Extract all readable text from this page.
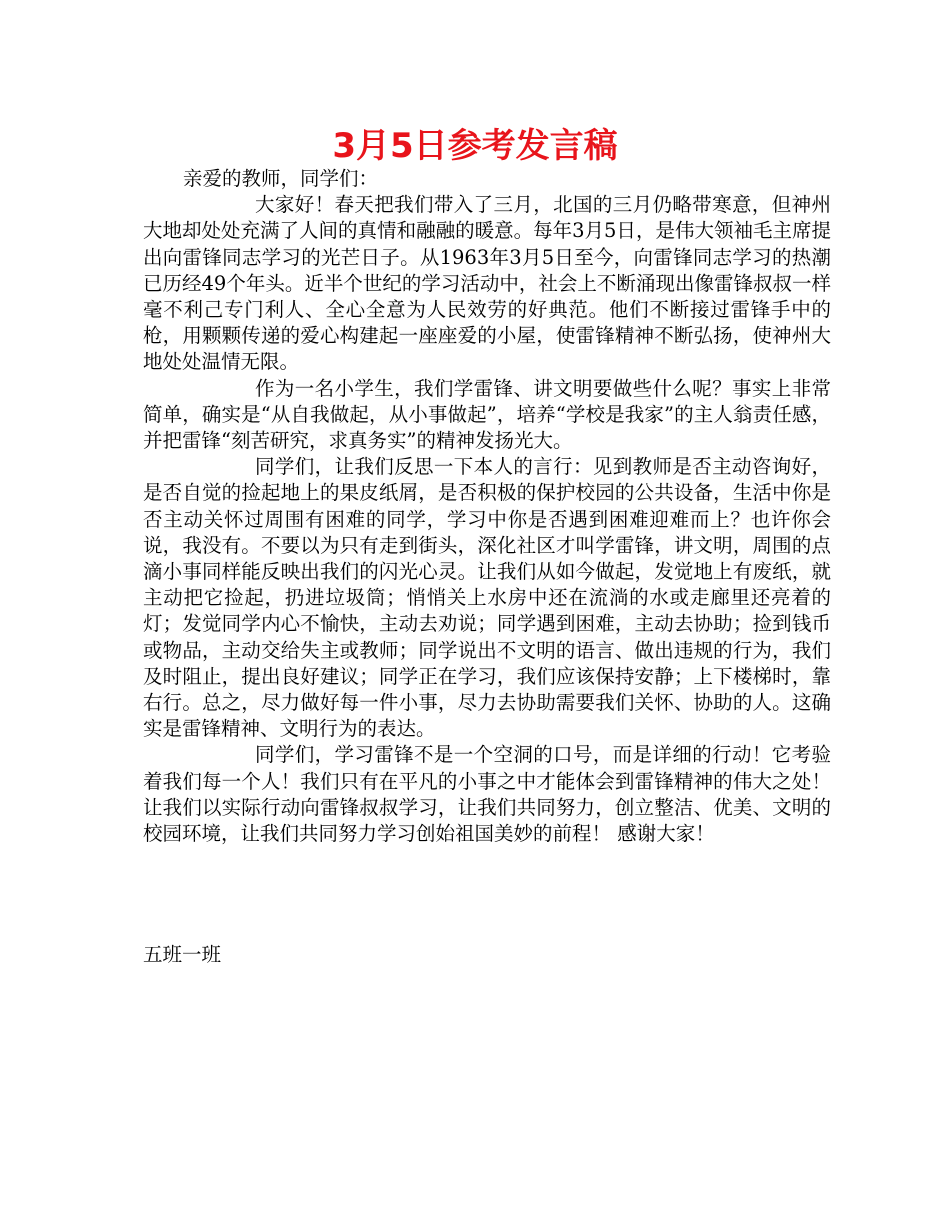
3月5日参考发言稿

亲爱的教师，同学们：

大家好！春天把我们带入了三月，北国的三月仍略带寒意，但神州大地却处处充满了人间的真情和融融的暖意。每年3月5日，是伟大领袖毛主席提出向雷锋同志学习的光芒日子。从1963年3月5日至今，向雷锋同志学习的热潮已历经49个年头。近半个世纪的学习活动中，社会上不断涌现出像雷锋叔叔一样毫不利己专门利人、全心全意为人民效劳的好典范。他们不断接过雷锋手中的枪，用颗颗传递的爱心构建起一座座爱的小屋，使雷锋精神不断弘扬，使神州大地处处温情无限。

作为一名小学生，我们学雷锋、讲文明要做些什么呢？事实上非常简单，确实是“从自我做起，从小事做起”，培养“学校是我家”的主人翁责任感，并把雷锋“刻苦研究，求真务实”的精神发扬光大。

同学们，让我们反思一下本人的言行：见到教师是否主动咨询好，是否自觉的捡起地上的果皮纸屑，是否积极的保护校园的公共设备，生活中你是否主动关怀过周围有困难的同学，学习中你是否遇到困难迎难而上？也许你会说，我没有。不要以为只有走到街头，深化社区才叫学雷锋，讲文明，周围的点滴小事同样能反映出我们的闪光心灵。让我们从如今做起，发觉地上有废纸，就主动把它捡起，扔进垃圾筒；悄悄关上水房中还在流淌的水或走廊里还亮着的灯；发觉同学内心不愉快，主动去劝说；同学遇到困难，主动去协助；捡到钱币或物品，主动交给失主或教师；同学说出不文明的语言、做出违规的行为，我们及时阻止，提出良好建议；同学正在学习，我们应该保持安静；上下楼梯时，靠右行。总之，尽力做好每一件小事，尽力去协助需要我们关怀、协助的人。这确实是雷锋精神、文明行为的表达。

同学们，学习雷锋不是一个空洞的口号，而是详细的行动！它考验着我们每一个人！我们只有在平凡的小事之中才能体会到雷锋精神的伟大之处！让我们以实际行动向雷锋叔叔学习，让我们共同努力，创立整洁、优美、文明的校园环境，让我们共同努力学习创始祖国美妙的前程！ 感谢大家！

五班一班
